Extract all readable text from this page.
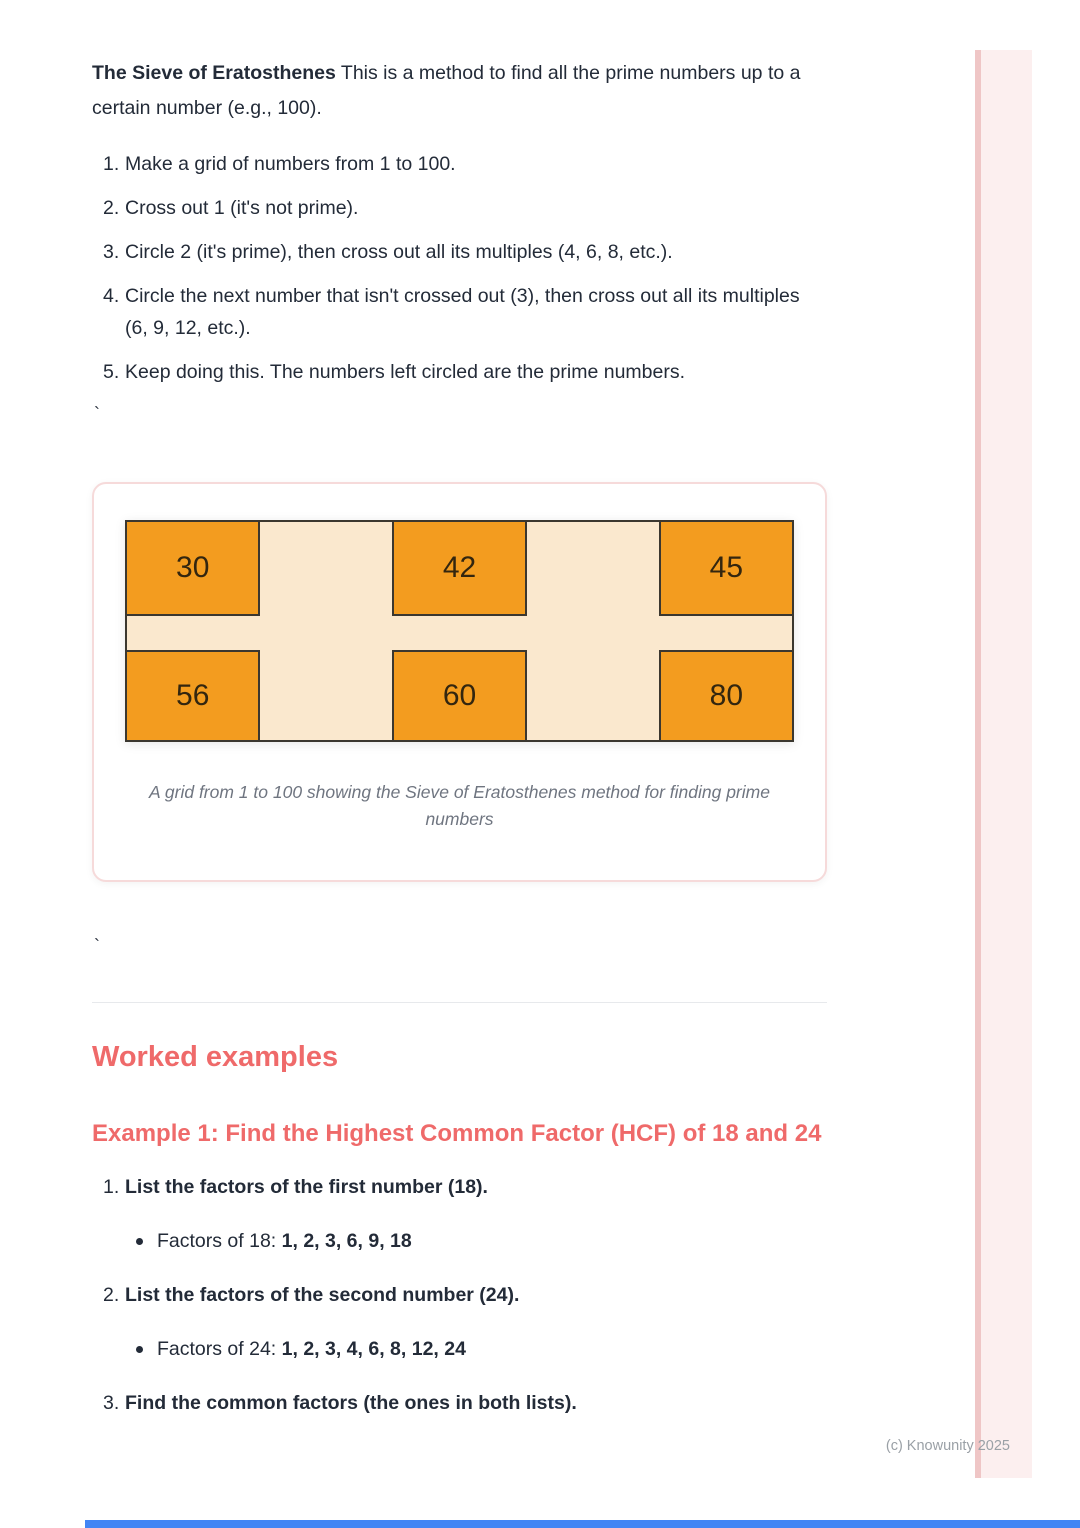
The Sieve of Eratosthenes This is a method to find all the prime numbers up to a certain number (e.g., 100).

1. Make a grid of numbers from 1 to 100.
2. Cross out 1 (it's not prime).
3. Circle 2 (it's prime), then cross out all its multiples (4, 6, 8, etc.).
4. Circle the next number that isn't crossed out (3), then cross out all its multiples (6, 9, 12, etc.).
5. Keep doing this. The numbers left circled are the prime numbers.
`
30	42	45
56	60	80
A grid from 1 to 100 showing the Sieve of Eratosthenes method for finding prime numbers
`
Worked examples
Example 1: Find the Highest Common Factor (HCF) of 18 and 24
1. List the factors of the first number (18).
Factors of 18: 1, 2, 3, 6, 9, 18
2. List the factors of the second number (24).
Factors of 24: 1, 2, 3, 4, 6, 8, 12, 24
3. Find the common factors (the ones in both lists).
(c) Knowunity 2025
